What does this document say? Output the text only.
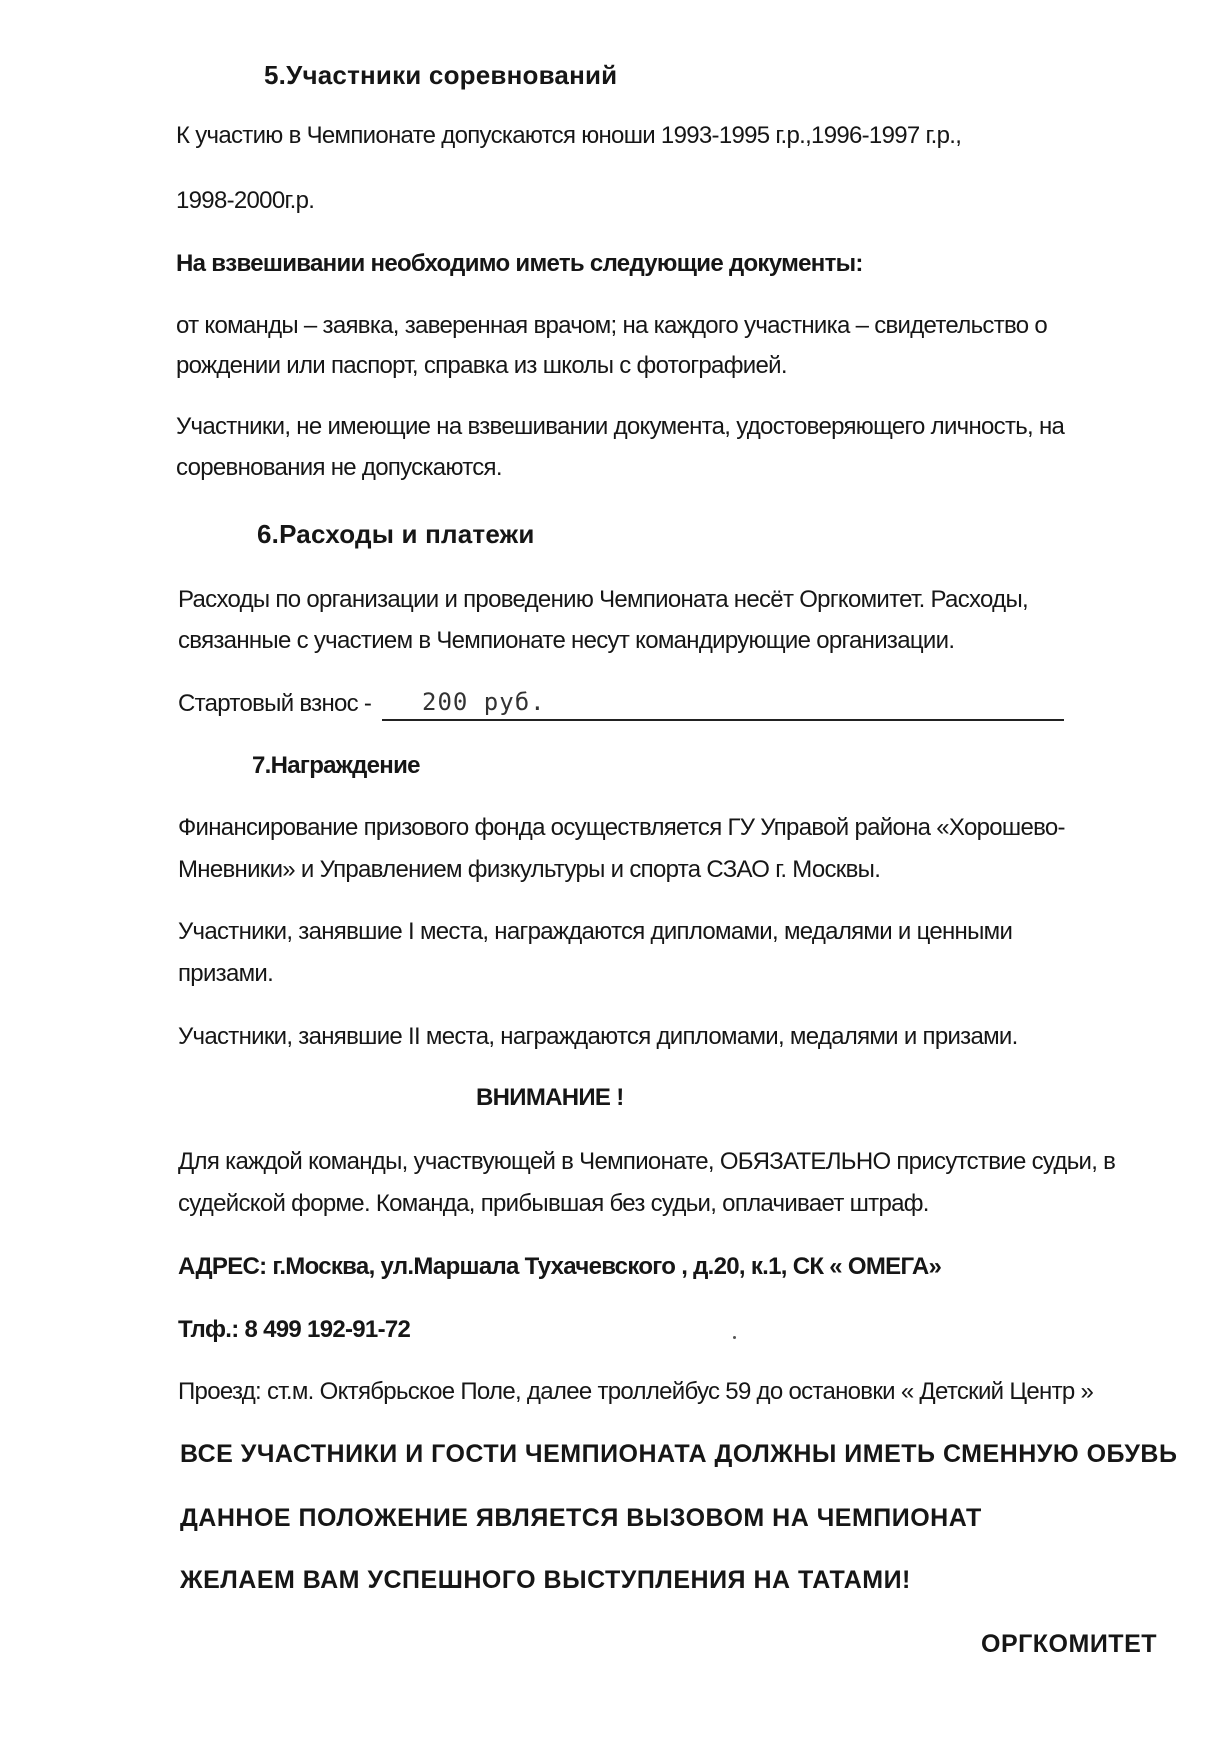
5.Участники соревнований
К участию в Чемпионате допускаются юноши 1993-1995 г.р.,1996-1997 г.р.,
1998-2000г.р.
На взвешивании необходимо иметь следующие документы:
от команды – заявка, заверенная врачом; на каждого участника – свидетельство о
рождении или паспорт, справка из школы с фотографией.
Участники, не имеющие на взвешивании документа, удостоверяющего личность, на
соревнования не допускаются.
6.Расходы и платежи
Расходы по организации и проведению Чемпионата несёт Оргкомитет. Расходы,
связанные с участием в Чемпионате несут командирующие организации.
Стартовый взнос - 200 руб.
7.Награждение
Финансирование призового фонда осуществляется ГУ Управой района «Хорошево-
Мневники» и Управлением физкультуры и спорта СЗАО г. Москвы.
Участники, занявшие I места, награждаются дипломами, медалями и ценными
призами.
Участники, занявшие II места, награждаются дипломами, медалями и призами.
ВНИМАНИЕ !
Для каждой команды, участвующей в Чемпионате, ОБЯЗАТЕЛЬНО присутствие судьи, в
судейской форме. Команда, прибывшая без судьи, оплачивает штраф.
АДРЕС: г.Москва, ул.Маршала Тухачевского , д.20, к.1, СК « ОМЕГА»
Тлф.: 8 499 192-91-72
Проезд: ст.м. Октябрьское Поле, далее троллейбус 59 до остановки « Детский Центр »
ВСЕ УЧАСТНИКИ И ГОСТИ ЧЕМПИОНАТА ДОЛЖНЫ ИМЕТЬ СМЕННУЮ ОБУВЬ
ДАННОЕ ПОЛОЖЕНИЕ ЯВЛЯЕТСЯ ВЫЗОВОМ НА ЧЕМПИОНАТ
ЖЕЛАЕМ ВАМ УСПЕШНОГО ВЫСТУПЛЕНИЯ НА ТАТАМИ!
ОРГКОМИТЕТ
